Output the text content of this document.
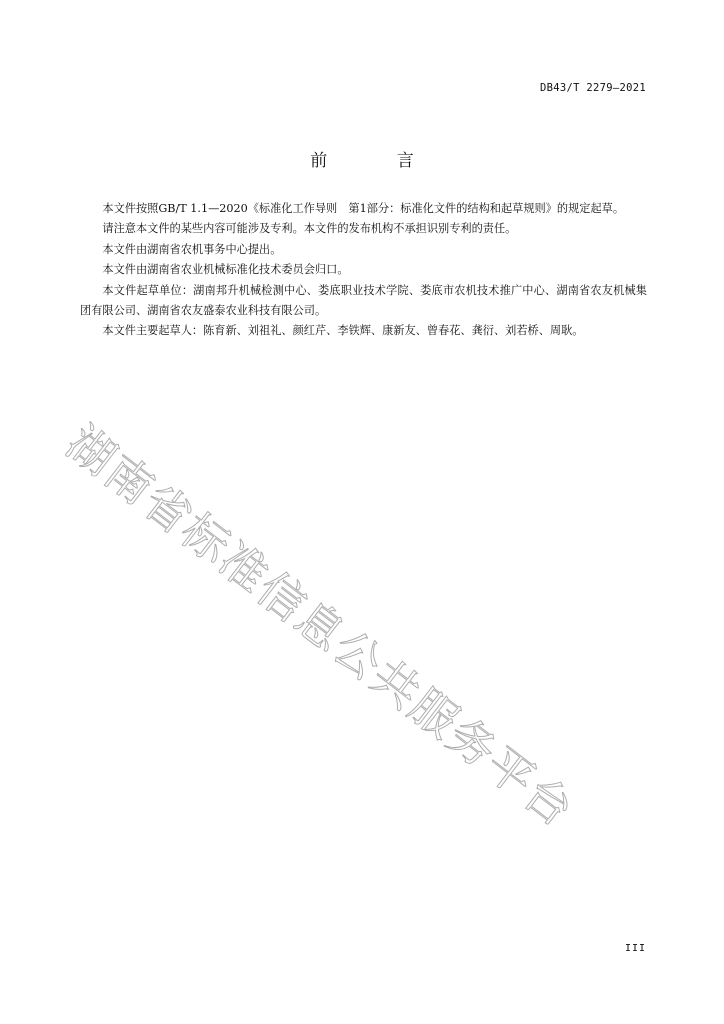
DB43/T 2279—2021
前 言

本文件按照GB/T 1.1—2020《标准化工作导则　第1部分：标准化文件的结构和起草规则》的规定起草。

请注意本文件的某些内容可能涉及专利。本文件的发布机构不承担识别专利的责任。

本文件由湖南省农机事务中心提出。

本文件由湖南省农业机械标准化技术委员会归口。

本文件起草单位：湖南邦升机械检测中心、娄底职业技术学院、娄底市农机技术推广中心、湖南省农友机械集团有限公司、湖南省农友盛泰农业科技有限公司。

本文件主要起草人：陈育新、刘祖礼、颜红芹、李铁辉、康新友、曾春花、龚衍、刘若桥、周耿。

湖南省标准信息公共服务平台
III
